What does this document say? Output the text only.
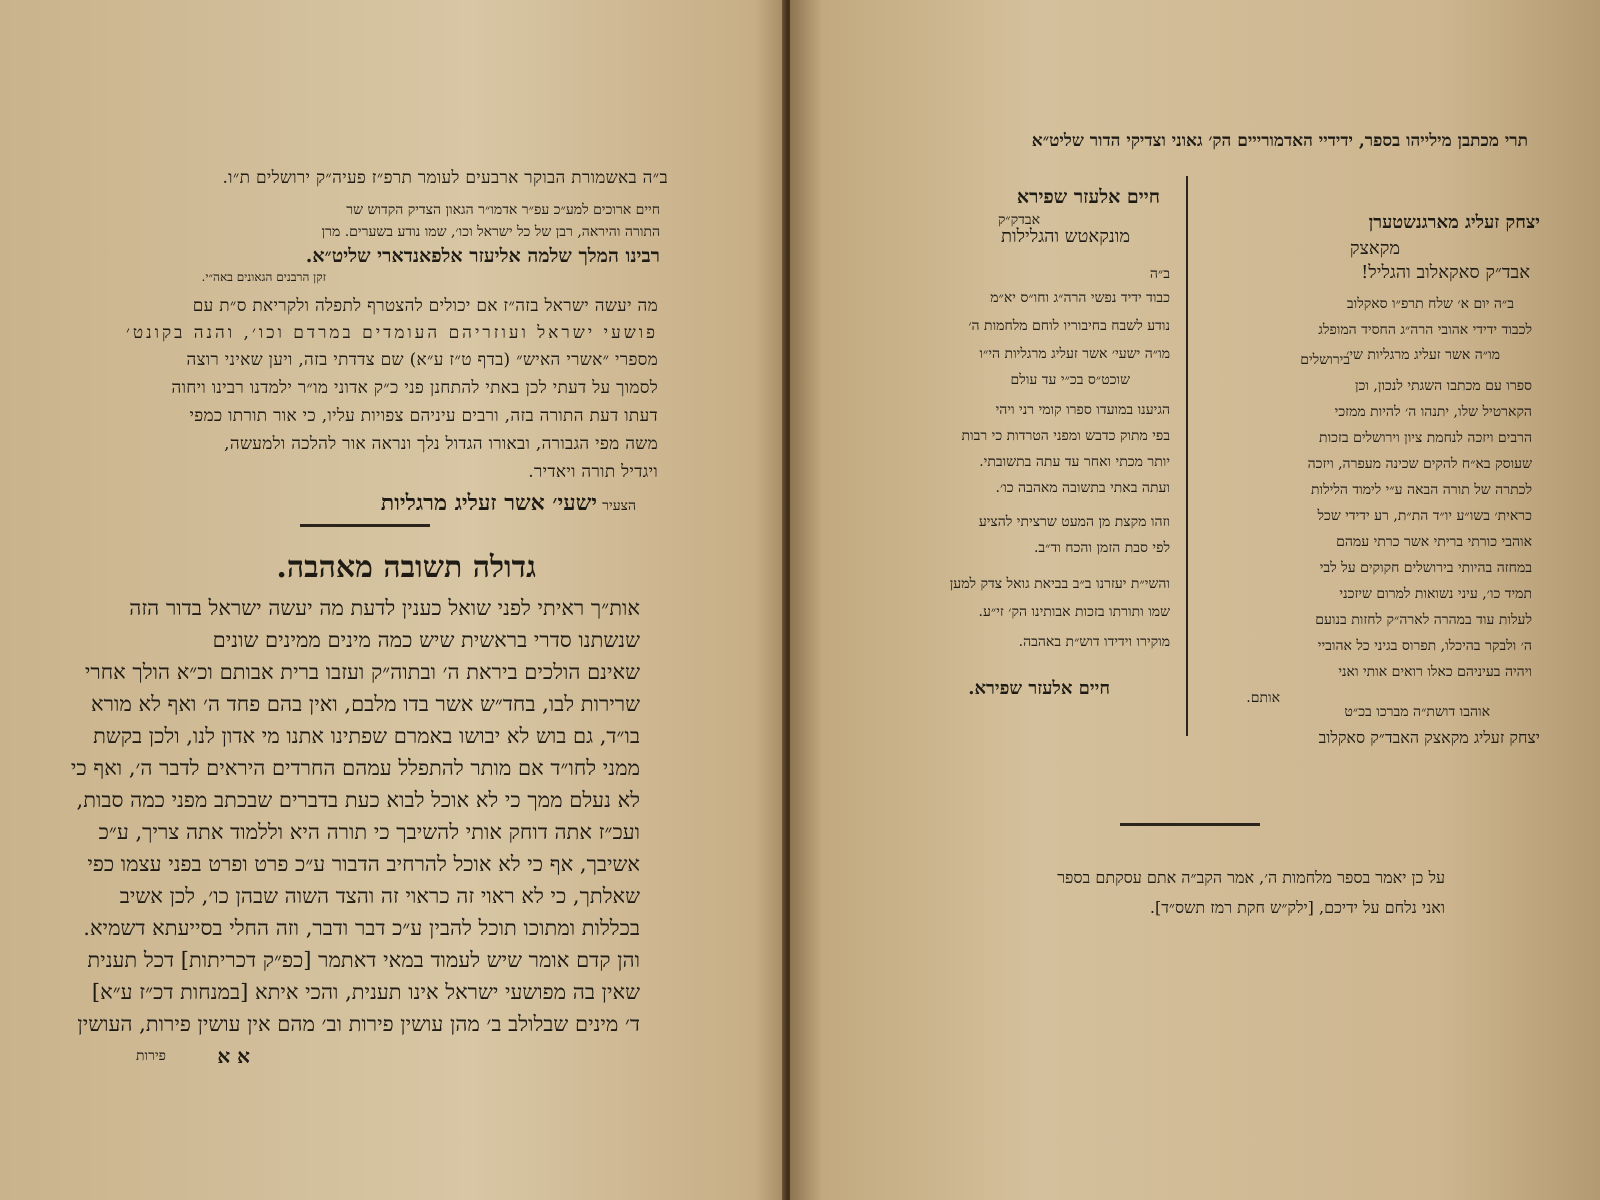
ב״ה באשמורת הבוקר ארבעים לעומר תרפ״ז פעיה״ק ירושלים ת״ו.
חיים ארוכים למע״כ עפ״ר אדמו״ר הגאון הצדיק הקדוש שר
התורה והיראה, רבן של כל ישראל וכו׳, שמו נודע בשערים. מרן
רבינו המלך שלמה אליעזר אלפאנדארי שליט״א.
זקן הרבנים הגאונים באה״י.
מה יעשה ישראל בזה״ז אם יכולים להצטרף לתפלה ולקריאת ס״ת עם
פושעי ישראל ועוזריהם העומדים במרדם וכו׳, והנה בקונט׳
מספרי ״אשרי האיש״ (בדף ט״ז ע״א) שם צדדתי בזה, ויען שאיני רוצה
לסמוך על דעתי לכן באתי להתחנן פני כ״ק אדוני מו״ר ילמדנו רבינו ויחוה
דעתו דעת התורה בזה, ורבים עיניהם צפויות עליו, כי אור תורתו כמפי
משה מפי הגבורה, ובאורו הגדול נלך ונראה אור להלכה ולמעשה,
ויגדיל תורה ויאדיר.
הצעיר ישעי׳ אשר זעליג מרגליות
גדולה תשובה מאהבה.
אות״ך ראיתי לפני שואל כענין לדעת מה יעשה ישראל בדור הזה
שנשתנו סדרי בראשית שיש כמה מינים ממינים שונים
שאינם הולכים ביראת ה׳ ובתוה״ק ועזבו ברית אבותם וכ״א הולך אחרי
שרירות לבו, בחד״ש אשר בדו מלבם, ואין בהם פחד ה׳ ואף לא מורא
בו״ד, גם בוש לא יבושו באמרם שפתינו אתנו מי אדון לנו, ולכן בקשת
ממני לחו״ד אם מותר להתפלל עמהם החרדים היראים לדבר ה׳, ואף כי
לא נעלם ממך כי לא אוכל לבוא כעת בדברים שבכתב מפני כמה סבות,
ועכ״ז אתה דוחק אותי להשיבך כי תורה היא וללמוד אתה צריך, ע״כ
אשיבך, אף כי לא אוכל להרחיב הדבור ע״כ פרט ופרט בפני עצמו כפי
שאלתך, כי לא ראוי זה כראוי זה והצד השוה שבהן כו׳, לכן אשיב
בכללות ומתוכו תוכל להבין ע״כ דבר ודבר, וזה החלי בסייעתא דשמיא.
והן קדם אומר שיש לעמוד במאי דאתמר [כפ״ק דכריתות] דכל תענית
שאין בה מפושעי ישראל אינו תענית, והכי איתא [במנחות דכ״ז ע״א]
ד׳ מינים שבלולב ב׳ מהן עושין פירות וב׳ מהם אין עושין פירות, העושין
א א
פירות
תרי מכתבן מילייהו בספר, ידידיי האדמורייים הק׳ גאוני וצדיקי הדור שליט״א
יצחק זעליג מארגנשטערן
מקאצק
אבד״ק סאקאלוב והגליל!
ב״ה יום א׳ שלח תרפ״ו סאקלוב
לכבוד ידידי אהובי הרה״ג החסיד המופלג
מו״ה אשר זעליג מרגליות שי׳
בירושלים
ספרו עם מכתבו השגתי לנכון, וכן
הקארטיל שלו, יתנהו ה׳ להיות ממזכי
הרבים ויזכה לנחמת ציון וירושלים בזכות
שעוסק בא״ח להקים שכינה מעפרה, ויזכה
לכתרה של תורה הבאה ע״י לימוד הלילות
כראית׳ בשו״ע יו״ד הת״ת, רע ידידי שכל
אוהבי כורתי בריתי אשר כרתי עמהם
במחזה בהיותי בירושלים חקוקים על לבי
תמיד כו׳, עיני נשואות למרום שיזכני
לעלות עוד במהרה לארה״ק לחזות בנועם
ה׳ ולבקר בהיכלו, תפרוס בגיני כל אהוביי
ויהיה בעיניהם כאלו רואים אותי ואני
אותם.
אוהבו דושת״ה מברכו בכ״ט
יצחק זעליג מקאצק האבד״ק סאקלוב
חיים אלעזר שפירא
אבדק״ק
מונקאטש והגלילות
ב״ה
כבוד ידיד נפשי הרה״ג וחו״ס יא״מ
נודע לשבח בחיבוריו לוחם מלחמות ה׳
מו״ה ישעי׳ אשר זעליג מרגליות הי״ו
שוכט״ס בכ״י עד עולם
הגיענו במועדו ספרו קומי רני ויהי
בפי מתוק כדבש ומפני הטרדות כי רבות
יותר מכתי ואחר עד עתה בתשובתי.
ועתה באתי בתשובה מאהבה כו׳.
וזהו מקצת מן המעט שרציתי להציע
לפי סבת הזמן והכח וד״ב.
והשי״ת יעזרנו ב״ב בביאת גואל צדק למען
שמו ותורתו בזכות אבותינו הק׳ זי״ע.
מוקירו וידידו דוש״ת באהבה.
חיים אלעזר שפירא.
על כן יאמר בספר מלחמות ה׳, אמר הקב״ה אתם עסקתם בספר
ואני נלחם על ידיכם, [ילק״ש חקת רמז תשס״ד].
